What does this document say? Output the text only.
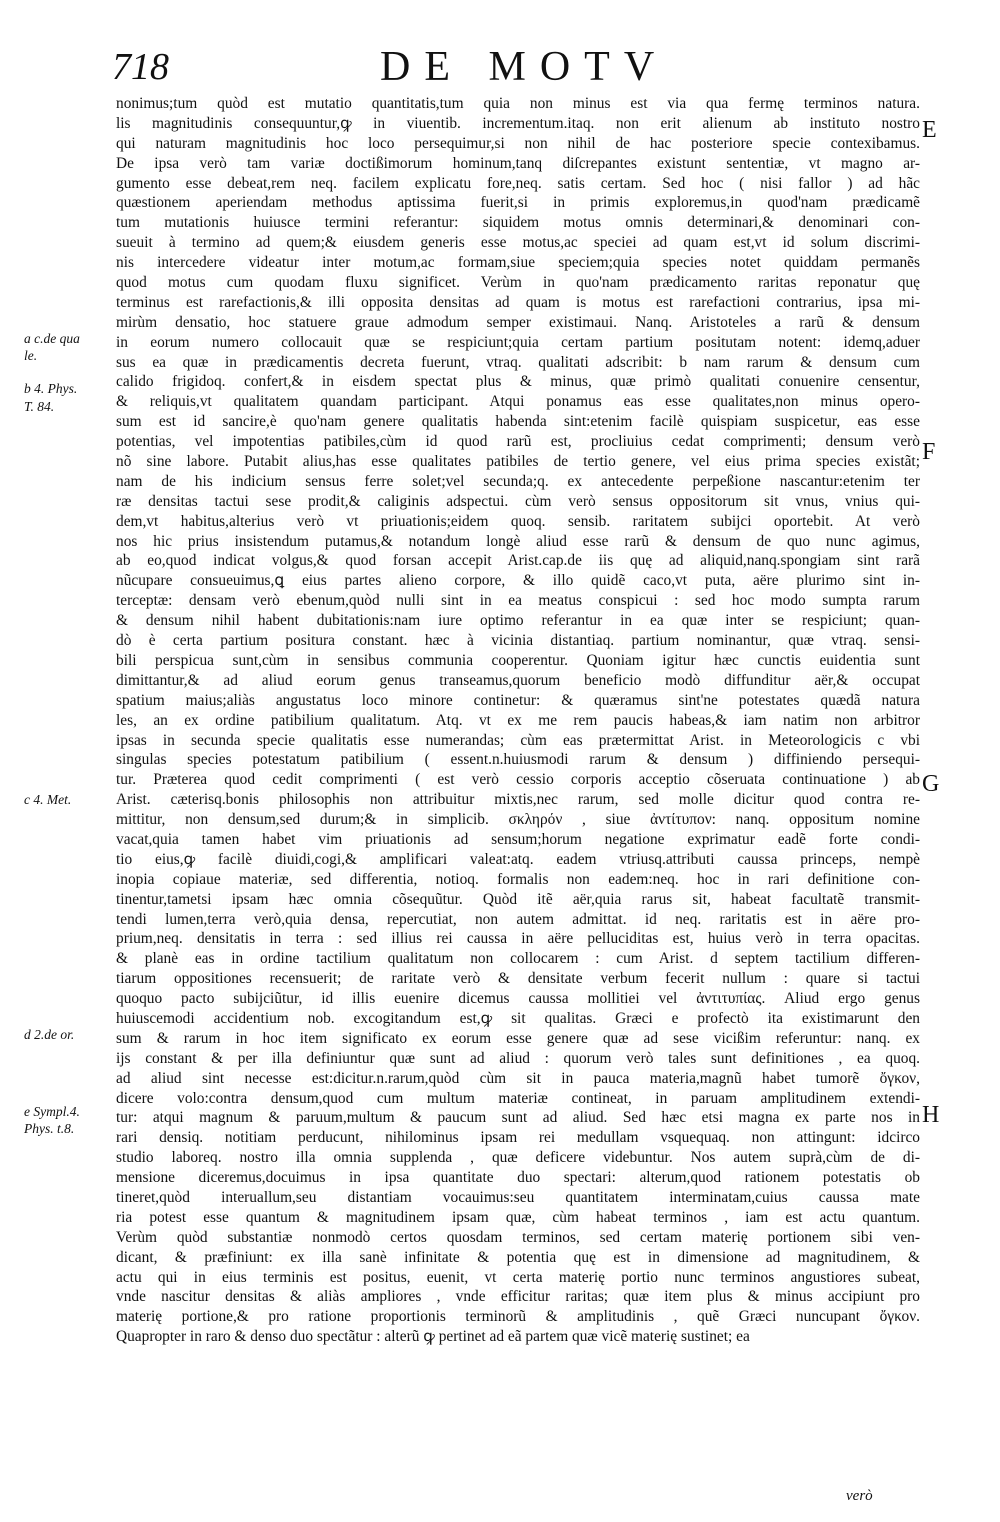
718	DE MOTV
a c.de qua
le.
b 4. Phys.
T. 84.
c 4. Met.
d 2.de or.
e Sympl.4.
Phys. t.8.
E
F
G
H
nonimus;tum quòd est mutatio quantitatis,tum quia non minus est via qua fermę terminos natura.
lis magnitudinis consequuntur,ꝙ in viuentib. incrementum.itaq. non erit alienum ab instituto nostro
qui naturam magnitudinis hoc loco persequimur,si non nihil de hac posteriore specie contexibamus.
De ipsa verò tam variæ doctißimorum hominum,tanq diſcrepantes existunt sententiæ, vt magno ar-
gumento esse debeat,rem neq. facilem explicatu fore,neq. satis certam. Sed hoc ( nisi fallor ) ad hãc
quæstionem aperiendam methodus aptissima fuerit,si in primis exploremus,in quod'nam prædicamẽ
tum mutationis huiusce termini referantur: siquidem motus omnis determinari,& denominari con-
sueuit à termino ad quem;& eiusdem generis esse motus,ac speciei ad quam est,vt id solum discrimi-
nis intercedere videatur inter motum,ac formam,siue speciem;quia species notet quiddam permanẽs
quod motus cum quodam fluxu significet. Verùm in quo'nam prædicamento raritas reponatur quę
terminus est rarefactionis,& illi opposita densitas ad quam is motus est rarefactioni contrarius, ipsa mi-
mirùm densatio, hoc statuere graue admodum semper existimaui. Nanq. Aristoteles a rarũ & densum
in eorum numero collocauit quæ se respiciunt;quia certam partium positutam notent: idemq,aduer
sus ea quæ in prædicamentis decreta fuerunt, vtraq. qualitati adscribit: b nam rarum & densum cum
calido frigidoq. confert,& in eisdem spectat plus & minus, quæ primò qualitati conuenire censentur,
& reliquis,vt qualitatem quandam participant. Atqui ponamus eas esse qualitates,non minus opero-
sum est id sancire,è quo'nam genere qualitatis habenda sint:etenim facilè quispiam suspicetur, eas esse
potentias, vel impotentias patibiles,cùm id quod rarũ est, procliuius cedat comprimenti; densum verò
nõ sine labore. Putabit alius,has esse qualitates patibiles de tertio genere, vel eius prima species existãt;
nam de his indicium sensus ferre solet;vel secunda;q. ex antecedente perpeßione nascantur:etenim ter
ræ densitas tactui sese prodit,& caliginis adspectui. cùm verò sensus oppositorum sit vnus, vnius qui-
dem,vt habitus,alterius verò vt priuationis;eidem quoq. sensib. raritatem subijci oportebit. At verò
nos hic prius insistendum putamus,& notandum longè aliud esse rarũ & densum de quo nunc agimus,
ab eo,quod indicat volgus,& quod forsan accepit Arist.cap.de iis quę ad aliquid,nanq.spongiam sint rarã
nũcupare consueuimus,ꝗ eius partes alieno corpore, & illo quidẽ caco,vt puta, aëre plurimo sint in-
terceptæ: densam verò ebenum,quòd nulli sint in ea meatus conspicui : sed hoc modo sumpta rarum
& densum nihil habent dubitationis:nam iure optimo referantur in ea quæ inter se respiciunt; quan-
dò è certa partium positura constant. hæc à vicinia distantiaq. partium nominantur, quæ vtraq. sensi-
bili perspicua sunt,cùm in sensibus communia cooperentur. Quoniam igitur hæc cunctis euidentia sunt
dimittantur,& ad aliud eorum genus transeamus,quorum beneficio modò diffunditur aër,& occupat
spatium maius;aliàs angustatus loco minore continetur: & quæramus sint'ne potestates quædã natura
les, an ex ordine patibilium qualitatum. Atq. vt ex me rem paucis habeas,& iam natim non arbitror
ipsas in secunda specie qualitatis esse numerandas; cùm eas prætermittat Arist. in Meteorologicis c vbi
singulas species potestatum patibilium ( essent.n.huiusmodi rarum & densum ) diffiniendo persequi-
tur. Præterea quod cedit comprimenti ( est verò cessio corporis acceptio cõseruata continuatione ) ab
Arist. cæterisq.bonis philosophis non attribuitur mixtis,nec rarum, sed molle dicitur quod contra re-
mittitur, non densum,sed durum;& in simplicib. σκληρόν , siue ἀντίτυπον: nanq. oppositum nomine
vacat,quia tamen habet vim priuationis ad sensum;horum negatione exprimatur eadẽ forte condi-
tio eius,ꝙ facilè diuidi,cogi,& amplificari valeat:atq. eadem vtriusq.attributi caussa princeps, nempè
inopia copiaue materiæ, sed differentia, notioq. formalis non eadem:neq. hoc in rari definitione con-
tinentur,tametsi ipsam hæc omnia cõsequũtur. Quòd itẽ aër,quia rarus sit, habeat facultatẽ transmit-
tendi lumen,terra verò,quia densa, repercutiat, non autem admittat. id neq. raritatis est in aëre pro-
prium,neq. densitatis in terra : sed illius rei caussa in aëre pelluciditas est, huius verò in terra opacitas.
& planè eas in ordine tactilium qualitatum non collocarem : cum Arist. d septem tactilium differen-
tiarum oppositiones recensuerit; de raritate verò & densitate verbum fecerit nullum : quare si tactui
quoquo pacto subijciũtur, id illis euenire dicemus caussa mollitiei vel ἀντιτυπίας. Aliud ergo genus
huiuscemodi accidentium nob. excogitandum est,ꝙ sit qualitas. Græci e profectò ita existimarunt den
sum & rarum in hoc item significato ex eorum esse genere quæ ad sese vicißim referuntur: nanq. ex
ijs constant & per illa definiuntur quæ sunt ad aliud : quorum verò tales sunt definitiones , ea quoq.
ad aliud sint necesse est:dicitur.n.rarum,quòd cùm sit in pauca materia,magnũ habet tumorẽ ὄγκον,
dicere volo:contra densum,quod cum multum materiæ contineat, in paruam amplitudinem extendi-
tur: atqui magnum & paruum,multum & paucum sunt ad aliud. Sed hæc etsi magna ex parte nos in
rari densiq. notitiam perducunt, nihilominus ipsam rei medullam vsquequaq. non attingunt: idcirco
studio laboreq. nostro illa omnia supplenda , quæ deficere videbuntur. Nos autem suprà,cùm de di-
mensione diceremus,docuimus in ipsa quantitate duo spectari: alterum,quod rationem potestatis ob
tineret,quòd interuallum,seu distantiam vocauimus:seu quantitatem interminatam,cuius caussa mate
ria potest esse quantum & magnitudinem ipsam quæ, cùm habeat terminos , iam est actu quantum.
Verùm quòd substantiæ nonmodò certos quosdam terminos, sed certam materię portionem sibi ven-
dicant, & præfiniunt: ex illa sanè infinitate & potentia quę est in dimensione ad magnitudinem, &
actu qui in eius terminis est positus, euenit, vt certa materię portio nunc terminos angustiores subeat,
vnde nascitur densitas & aliàs ampliores , vnde efficitur raritas; quæ item plus & minus accipiunt pro
materię portione,& pro ratione proportionis terminorũ & amplitudinis , quẽ Græci nuncupant ὄγκον.
Quapropter in raro & denso duo spectãtur : alterũ ꝙ pertinet ad eã partem quæ vicẽ materię sustinet; ea
verò
